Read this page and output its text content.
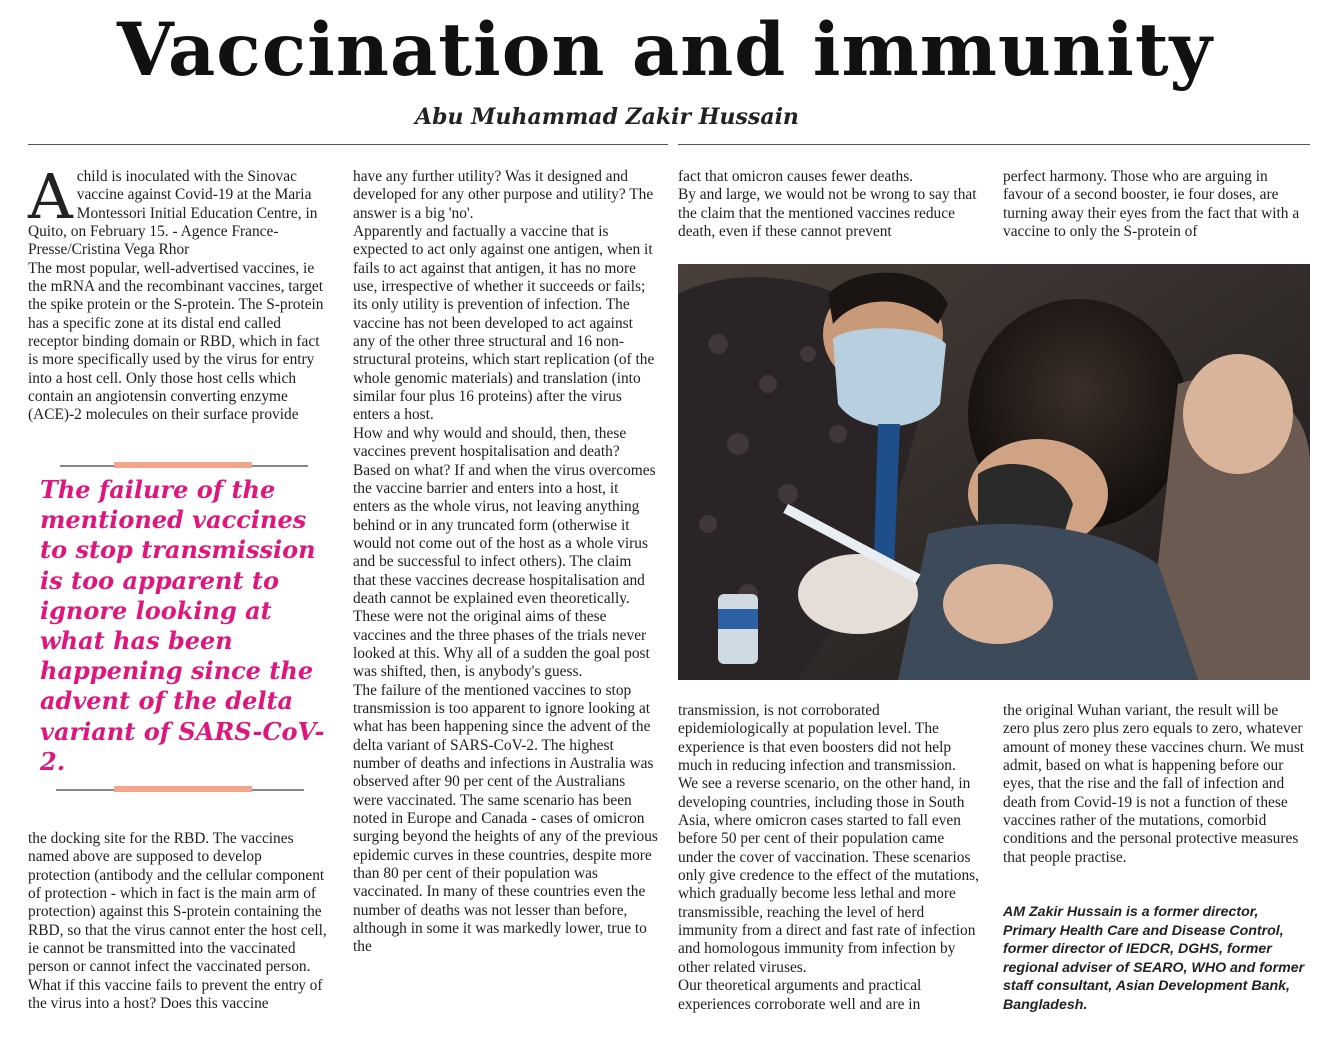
Vaccination and immunity
Abu Muhammad Zakir Hussain

Achild is inoculated with the Sinovac vaccine against Covid-19 at the Maria Montessori Initial Education Centre, in Quito, on February 15. - Agence France-Presse/Cristina Vega Rhor

The most popular, well-advertised vaccines, ie the mRNA and the recombinant vaccines, target the spike protein or the S-protein. The S-protein has a specific zone at its distal end called receptor binding domain or RBD, which in fact is more specifically used by the virus for entry into a host cell. Only those host cells which contain an angiotensin converting enzyme (ACE)-2 molecules on their surface provide

The failure of the mentioned vaccines to stop transmission is too apparent to ignore looking at what has been happening since the advent of the delta variant of SARS-CoV-2.

the docking site for the RBD. The vaccines named above are supposed to develop protection (antibody and the cellular component of protection - which in fact is the main arm of protection) against this S-protein containing the RBD, so that the virus cannot enter the host cell, ie cannot be transmitted into the vaccinated person or cannot infect the vaccinated person. What if this vaccine fails to prevent the entry of the virus into a host? Does this vaccine

have any further utility? Was it designed and developed for any other purpose and utility? The answer is a big 'no'.

Apparently and factually a vaccine that is expected to act only against one antigen, when it fails to act against that antigen, it has no more use, irrespective of whether it succeeds or fails; its only utility is prevention of infection. The vaccine has not been developed to act against any of the other three structural and 16 non-structural proteins, which start replication (of the whole genomic materials) and translation (into similar four plus 16 proteins) after the virus enters a host.

How and why would and should, then, these vaccines prevent hospitalisation and death? Based on what? If and when the virus overcomes the vaccine barrier and enters into a host, it enters as the whole virus, not leaving anything behind or in any truncated form (otherwise it would not come out of the host as a whole virus and be successful to infect others). The claim that these vaccines decrease hospitalisation and death cannot be explained even theoretically. These were not the original aims of these vaccines and the three phases of the trials never looked at this. Why all of a sudden the goal post was shifted, then, is anybody's guess.

The failure of the mentioned vaccines to stop transmission is too apparent to ignore looking at what has been happening since the advent of the delta variant of SARS-CoV-2. The highest number of deaths and infections in Australia was observed after 90 per cent of the Australians were vaccinated. The same scenario has been noted in Europe and Canada - cases of omicron surging beyond the heights of any of the previous epidemic curves in these countries, despite more than 80 per cent of their population was vaccinated. In many of these countries even the number of deaths was not lesser than before, although in some it was markedly lower, true to the

fact that omicron causes fewer deaths.

By and large, we would not be wrong to say that the claim that the mentioned vaccines reduce death, even if these cannot prevent

perfect harmony. Those who are arguing in favour of a second booster, ie four doses, are turning away their eyes from the fact that with a vaccine to only the S-protein of

transmission, is not corroborated epidemiologically at population level. The experience is that even boosters did not help much in reducing infection and transmission.

We see a reverse scenario, on the other hand, in developing countries, including those in South Asia, where omicron cases started to fall even before 50 per cent of their population came under the cover of vaccination. These scenarios only give credence to the effect of the mutations, which gradually become less lethal and more transmissible, reaching the level of herd immunity from a direct and fast rate of infection and homologous immunity from infection by other related viruses.

Our theoretical arguments and practical experiences corroborate well and are in

the original Wuhan variant, the result will be zero plus zero plus zero equals to zero, whatever amount of money these vaccines churn. We must admit, based on what is happening before our eyes, that the rise and the fall of infection and death from Covid-19 is not a function of these vaccines rather of the mutations, comorbid conditions and the personal protective measures that people practise.

AM Zakir Hussain is a former director, Primary Health Care and Disease Control, former director of IEDCR, DGHS, former regional adviser of SEARO, WHO and former staff consultant, Asian Development Bank, Bangladesh.
